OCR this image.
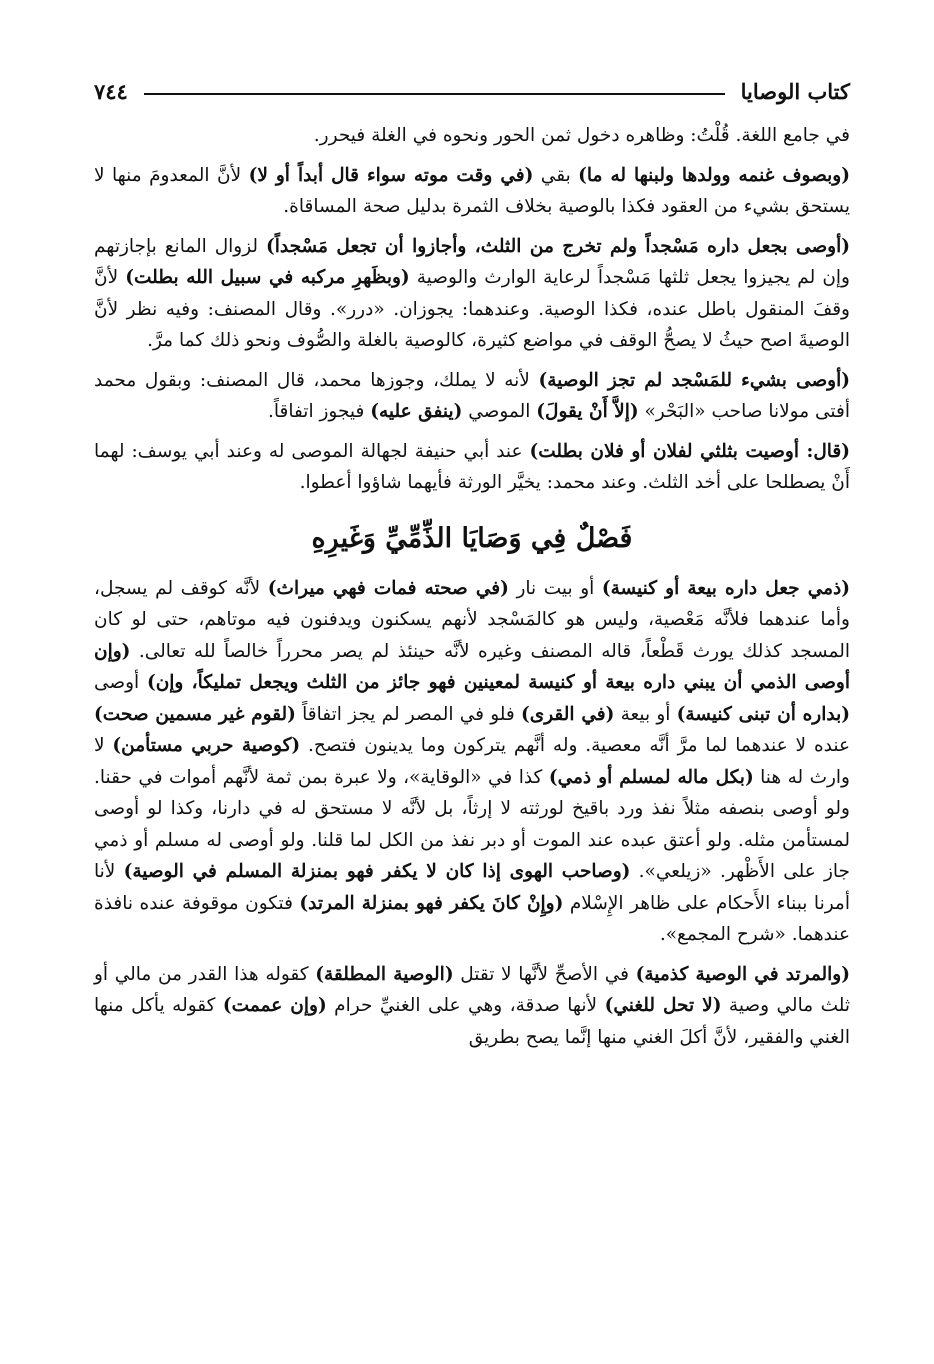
كتاب الوصايا
٧٤٤

في جامع اللغة. قُلْتُ: وظاهره دخول ثمن الحور ونحوه في الغلة فيحرر.

(وبصوف غنمه وولدها ولبنها له ما) بقي (في وقت موته سواء قال أبداً أو لا) لأنَّ المعدومَ منها لا يستحق بشيء من العقود فكذا بالوصية بخلاف الثمرة بدليل صحة المساقاة.

(أوصى بجعل داره مَسْجداً ولم تخرج من الثلث، وأجازوا أن تجعل مَسْجداً) لزوال المانع بإجازتهم وإن لم يجيزوا يجعل ثلثها مَسْجداً لرعاية الوارث والوصية (وبظَهرِ مركبه في سبيل الله بطلت) لأنَّ وقفَ المنقول باطل عنده، فكذا الوصية. وعندهما: يجوزان. «درر». وقال المصنف: وفيه نظر لأنَّ الوصيةَ اصح حيثُ لا يصحُّ الوقف في مواضع كثيرة، كالوصية بالغلة والصُّوف ونحو ذلك كما مرَّ.

(أوصى بشيء للمَسْجد لم تجز الوصية) لأنه لا يملك، وجوزها محمد، قال المصنف: وبقول محمد أفتى مولانا صاحب «البَحْر» (إلاَّ أَنْ يقولَ) الموصي (ينفق عليه) فيجوز اتفاقاً.

(قال: أوصيت بثلثي لفلان أو فلان بطلت) عند أبي حنيفة لجهالة الموصى له وعند أبي يوسف: لهما أَنْ يصطلحا على أخد الثلث. وعند محمد: يخيَّر الورثة فأيهما شاؤوا أعطوا.

فَصْلٌ فِي وَصَايَا الذِّمِّيِّ وَغَيرِهِ

(ذمي جعل داره بيعة أو كنيسة) أو بيت نار (في صحته فمات فهي ميراث) لأنَّه كوقف لم يسجل، وأما عندهما فلأنَّه مَعْصية، وليس هو كالمَسْجد لأنهم يسكنون ويدفنون فيه موتاهم، حتى لو كان المسجد كذلك يورث قَطْعاً، قاله المصنف وغيره لأنَّه حينئذ لم يصر محرراً خالصاً لله تعالى. (وإن أوصى الذمي أن يبني داره بيعة أو كنيسة لمعينين فهو جائز من الثلث ويجعل تمليكاً، وإن) أوصى (بداره أن تبنى كنيسة) أو بيعة (في القرى) فلو في المصر لم يجز اتفاقاً (لقوم غير مسمين صحت) عنده لا عندهما لما مرَّ أنَّه معصية. وله أنَّهم يتركون وما يدينون فتصح. (كوصية حربي مستأمن) لا وارث له هنا (بكل ماله لمسلم أو ذمي) كذا في «الوقاية»، ولا عبرة بمن ثمة لأنَّهم أموات في حقنا. ولو أوصى بنصفه مثلاً نفذ ورد باقيخ لورثته لا إرثاً، بل لأنَّه لا مستحق له في دارنا، وكذا لو أوصى لمستأمن مثله. ولو أعتق عبده عند الموت أو دبر نفذ من الكل لما قلنا. ولو أوصى له مسلم أو ذمي جاز على الأَظْهر. «زيلعي». (وصاحب الهوى إذا كان لا يكفر فهو بمنزلة المسلم في الوصية) لأنا أمرنا ببناء الأَحكام على ظاهر الإِسْلام (وإِنْ كانَ يكفر فهو بمنزلة المرتد) فتكون موقوفة عنده نافذة عندهما. «شرح المجمع».

(والمرتد في الوصية كذمية) في الأصحِّ لأنَّها لا تقتل (الوصية المطلقة) كقوله هذا القدر من مالي أو ثلث مالي وصية (لا تحل للغني) لأنها صدقة، وهي على الغنيِّ حرام (وإن عممت) كقوله يأكل منها الغني والفقير، لأنَّ أكلَ الغني منها إنَّما يصح بطريق
